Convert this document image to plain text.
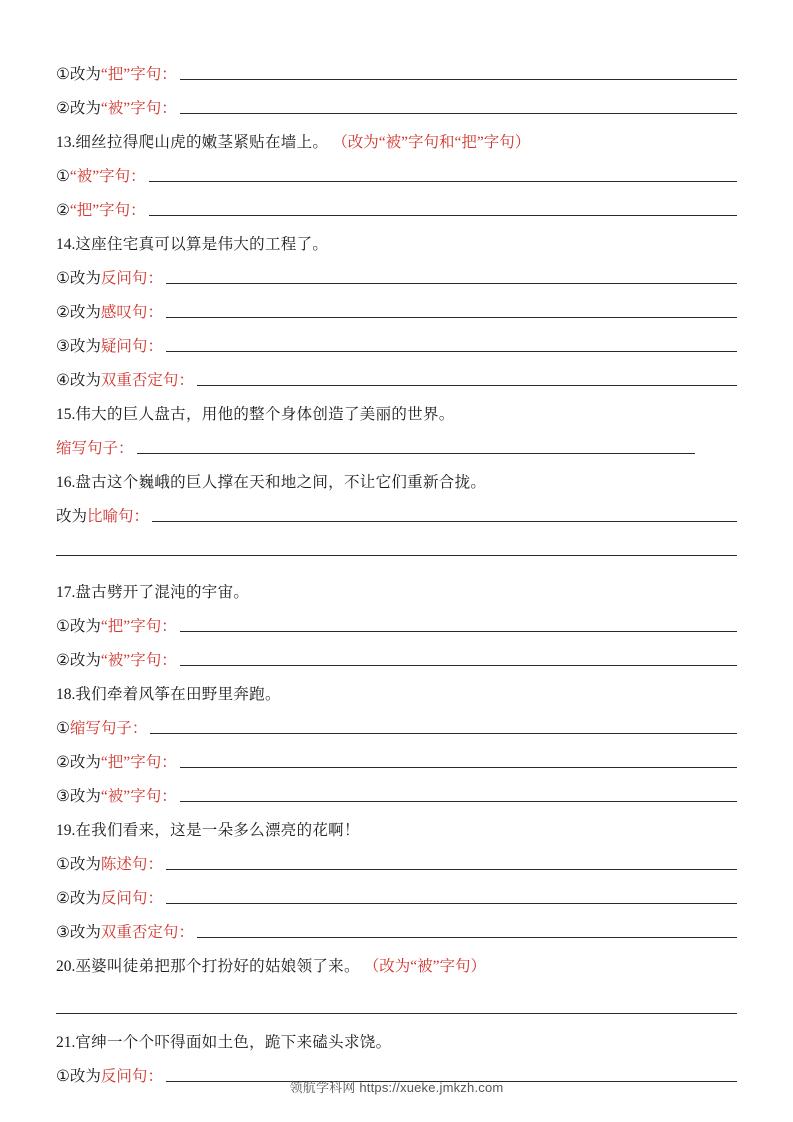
① 改为 “把” 字句：
② 改为 “被” 字句：
13. 细丝拉得爬山虎的嫩茎紧贴在墙上。 （改为“被”字句和“把”字句）
① “被” 字句：
② “把” 字句：
14. 这座住宅真可以算是伟大的工程了。
① 改为 反问句 ：
② 改为 感叹句 ：
③ 改为 疑问句 ：
④ 改为 双重否定句 ：
15. 伟大的巨人盘古，用他的整个身体创造了美丽的世界。
缩写句子 ：
16. 盘古这个巍峨的巨人撑在天和地之间，不让它们重新合拢。
改为 比喻句 ：
17. 盘古劈开了混沌的宇宙。
① 改为 “把” 字句：
② 改为 “被” 字句：
18. 我们牵着风筝在田野里奔跑。
① 缩写句子 ：
② 改为 “把” 字句：
③ 改为 “被” 字句：
19. 在我们看来，这是一朵多么漂亮的花啊！
① 改为 陈述句 ：
② 改为 反问句 ：
③ 改为 双重否定句 ：
20. 巫婆叫徒弟把那个打扮好的姑娘领了来。 （改为“被”字句）
21. 官绅一个个吓得面如土色，跪下来磕头求饶。
① 改为 反问句 ：
领航学科网 https://xueke.jmkzh.com
